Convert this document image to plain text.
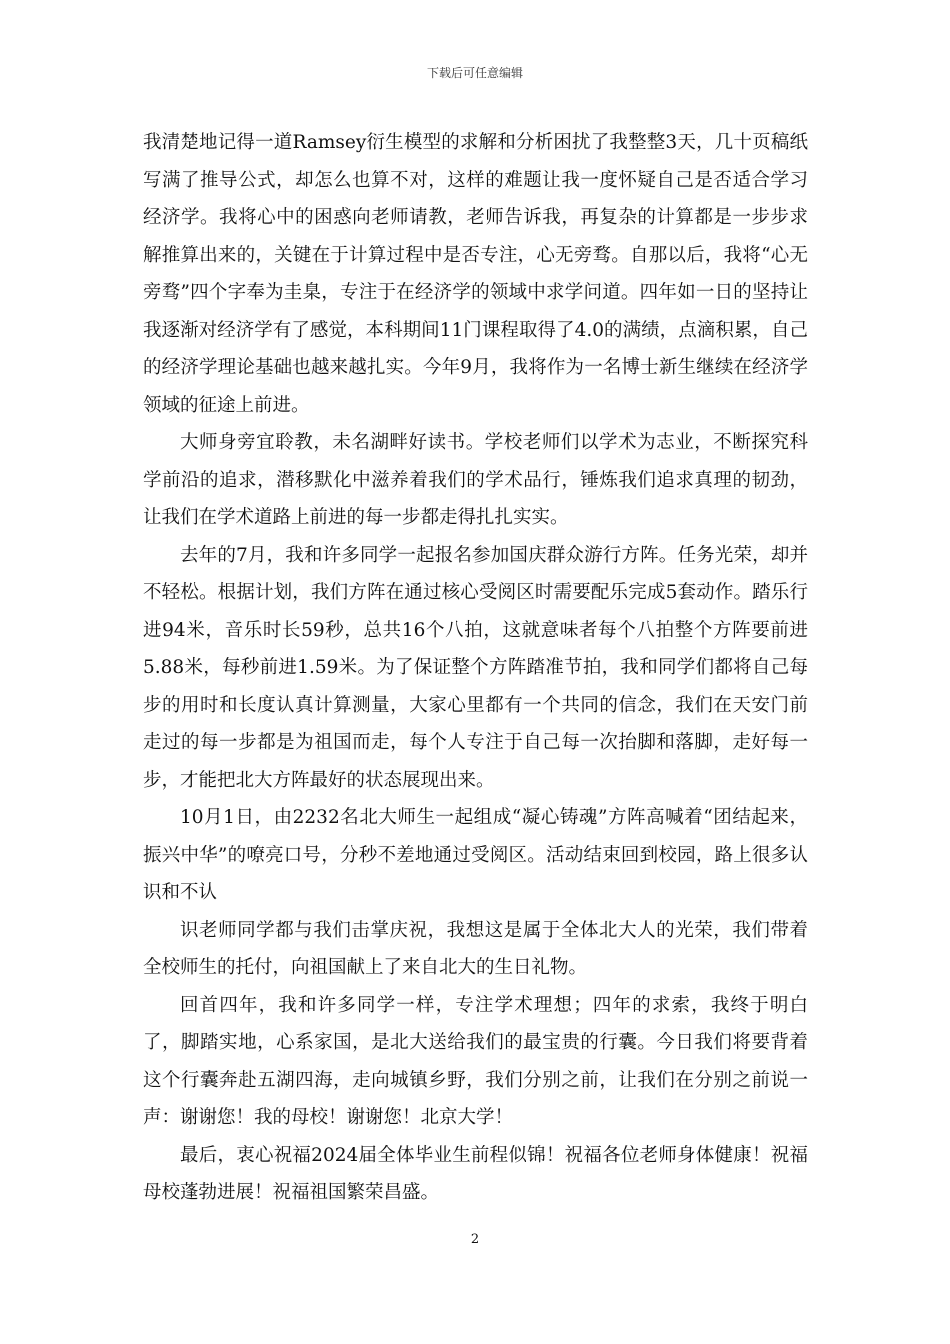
下载后可任意编辑

我清楚地记得一道Ramsey衍生模型的求解和分析困扰了我整整3天，几十页稿纸写满了推导公式，却怎么也算不对，这样的难题让我一度怀疑自己是否适合学习经济学。我将心中的困惑向老师请教，老师告诉我，再复杂的计算都是一步步求解推算出来的，关键在于计算过程中是否专注，心无旁骛。自那以后，我将“心无旁骛”四个字奉为圭臬，专注于在经济学的领域中求学问道。四年如一日的坚持让我逐渐对经济学有了感觉，本科期间11门课程取得了4.0的满绩，点滴积累，自己的经济学理论基础也越来越扎实。今年9月，我将作为一名博士新生继续在经济学领域的征途上前进。

大师身旁宜聆教，未名湖畔好读书。学校老师们以学术为志业，不断探究科学前沿的追求，潜移默化中滋养着我们的学术品行，锤炼我们追求真理的韧劲，让我们在学术道路上前进的每一步都走得扎扎实实。

去年的7月，我和许多同学一起报名参加国庆群众游行方阵。任务光荣，却并不轻松。根据计划，我们方阵在通过核心受阅区时需要配乐完成5套动作。踏乐行进94米，音乐时长59秒，总共16个八拍，这就意味者每个八拍整个方阵要前进5.88米，每秒前进1.59米。为了保证整个方阵踏准节拍，我和同学们都将自己每步的用时和长度认真计算测量，大家心里都有一个共同的信念，我们在天安门前走过的每一步都是为祖国而走，每个人专注于自己每一次抬脚和落脚，走好每一步，才能把北大方阵最好的状态展现出来。

10月1日，由2232名北大师生一起组成“凝心铸魂”方阵高喊着“团结起来，振兴中华”的嘹亮口号，分秒不差地通过受阅区。活动结束回到校园，路上很多认识和不认

识老师同学都与我们击掌庆祝，我想这是属于全体北大人的光荣，我们带着全校师生的托付，向祖国献上了来自北大的生日礼物。

回首四年，我和许多同学一样，专注学术理想；四年的求索，我终于明白了，脚踏实地，心系家国，是北大送给我们的最宝贵的行囊。今日我们将要背着这个行囊奔赴五湖四海，走向城镇乡野，我们分别之前，让我们在分别之前说一声：谢谢您！我的母校！谢谢您！北京大学！

最后，衷心祝福2024届全体毕业生前程似锦！祝福各位老师身体健康！祝福母校蓬勃进展！祝福祖国繁荣昌盛。

2
